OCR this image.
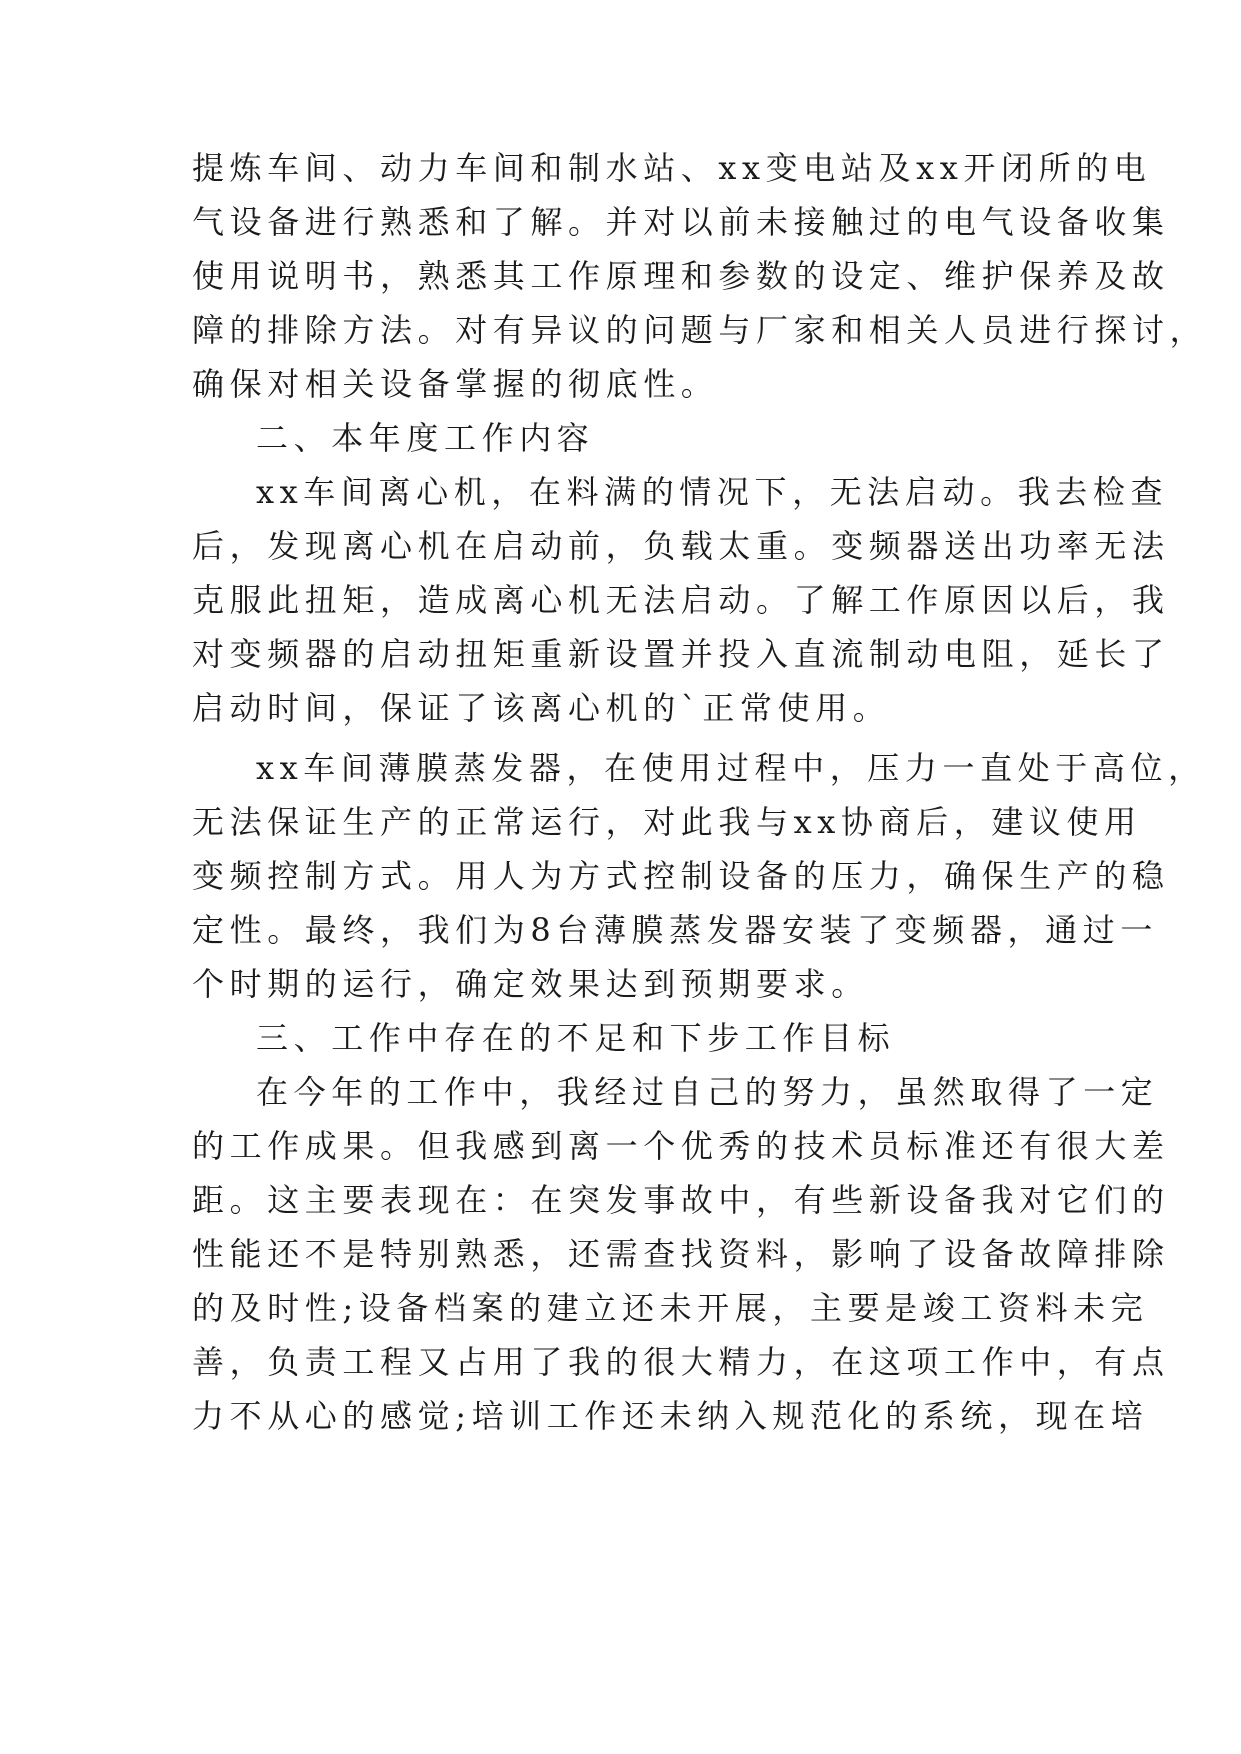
提炼车间、动力车间和制水站、xx变电站及xx开闭所的电
气设备进行熟悉和了解。并对以前未接触过的电气设备收集
使用说明书，熟悉其工作原理和参数的设定、维护保养及故
障的排除方法。对有异议的问题与厂家和相关人员进行探讨，
确保对相关设备掌握的彻底性。
二、本年度工作内容
xx车间离心机，在料满的情况下，无法启动。我去检查
后，发现离心机在启动前，负载太重。变频器送出功率无法
克服此扭矩，造成离心机无法启动。了解工作原因以后，我
对变频器的启动扭矩重新设置并投入直流制动电阻，延长了
启动时间，保证了该离心机的`正常使用。
xx车间薄膜蒸发器，在使用过程中，压力一直处于高位，
无法保证生产的正常运行，对此我与xx协商后，建议使用
变频控制方式。用人为方式控制设备的压力，确保生产的稳
定性。最终，我们为8台薄膜蒸发器安装了变频器，通过一
个时期的运行，确定效果达到预期要求。
三、工作中存在的不足和下步工作目标
在今年的工作中，我经过自己的努力，虽然取得了一定
的工作成果。但我感到离一个优秀的技术员标准还有很大差
距。这主要表现在：在突发事故中，有些新设备我对它们的
性能还不是特别熟悉，还需查找资料，影响了设备故障排除
的及时性;设备档案的建立还未开展，主要是竣工资料未完
善，负责工程又占用了我的很大精力，在这项工作中，有点
力不从心的感觉;培训工作还未纳入规范化的系统，现在培
